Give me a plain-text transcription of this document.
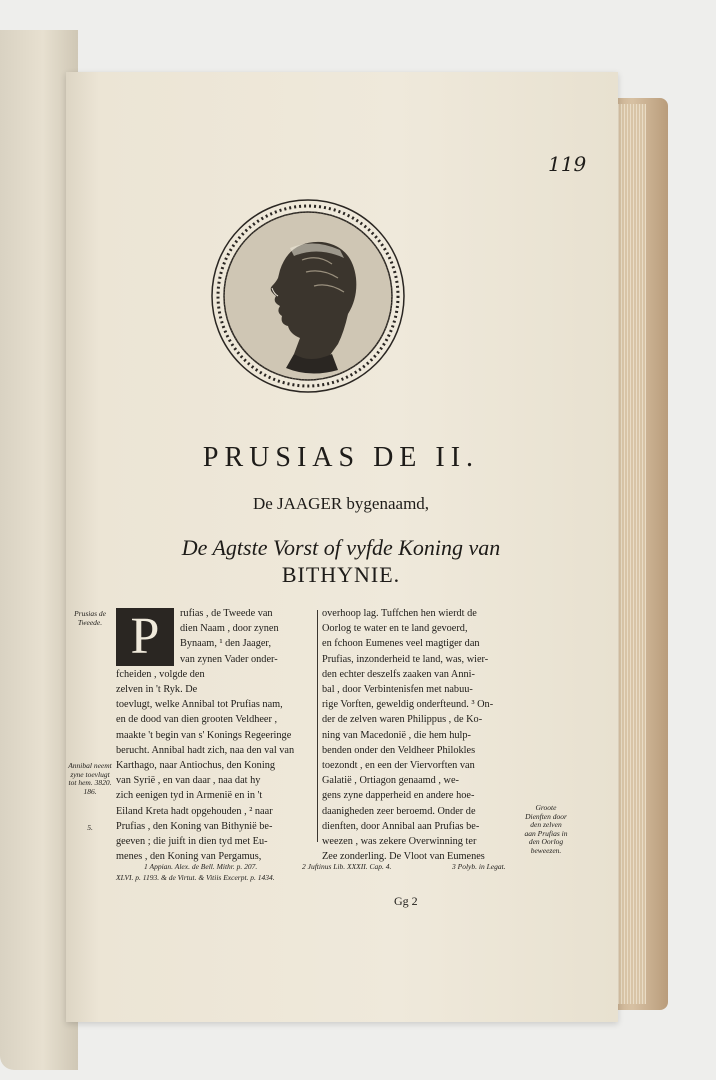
119
PRUSIAS DE II.
De JAAGER bygenaamd,
De Agtste Vorst of vyfde Koning van
BITHYNIE.
Prusias de Tweede.
Annibal neemt zyne toevlugt tot hem. 3820. 186.
5.
Groote Dienften door den zelven aan Prufias in den Oorlog beweezen.
P	rufias , de Tweede van
dien Naam , door zynen
Bynaam, ¹ den Jaager,
van zynen Vader onder-
fcheiden , volgde den
zelven in 't Ryk. De
toevlugt, welke Annibal tot Prufias nam,
en de dood van dien grooten Veldheer ,
maakte 't begin van s' Konings Regeeringe
berucht. Annibal hadt zich, naa den val van
Karthago, naar Antiochus, den Koning
van Syrië , en van daar , naa dat hy
zich eenigen tyd in Armenië en in 't
Eiland Kreta hadt opgehouden , ² naar
Prufias , den Koning van Bithynië be-
geeven ; die juift in dien tyd met Eu-
menes , den Koning van Pergamus,
overhoop lag. Tuffchen hen wierdt de
Oorlog te water en te land gevoerd,
en fchoon Eumenes veel magtiger dan
Prufias, inzonderheid te land, was, wier-
den echter deszelfs zaaken van Anni-
bal , door Verbintenisfen met nabuu-
rige Vorften, geweldig onderfteund. ³ On-
der de zelven waren Philippus , de Ko-
ning van Macedonië , die hem hulp-
benden onder den Veldheer Philokles
toezondt , en een der Viervorften van
Galatië , Ortiagon genaamd , we-
gens zyne dapperheid en andere hoe-
daanigheden zeer beroemd. Onder de
dienften, door Annibal aan Prufias be-
weezen , was zekere Overwinning ter
Zee zonderling. De Vloot van Eumenes
1 Appian. Alex. de Bell. Mithr. p. 207.	2 Juftinus Lib. XXXII. Cap. 4.	3 Polyb. in Legat.
XLVI. p. 1193. & de Virtut. & Vitiis Excerpt. p. 1434.
Gg 2
